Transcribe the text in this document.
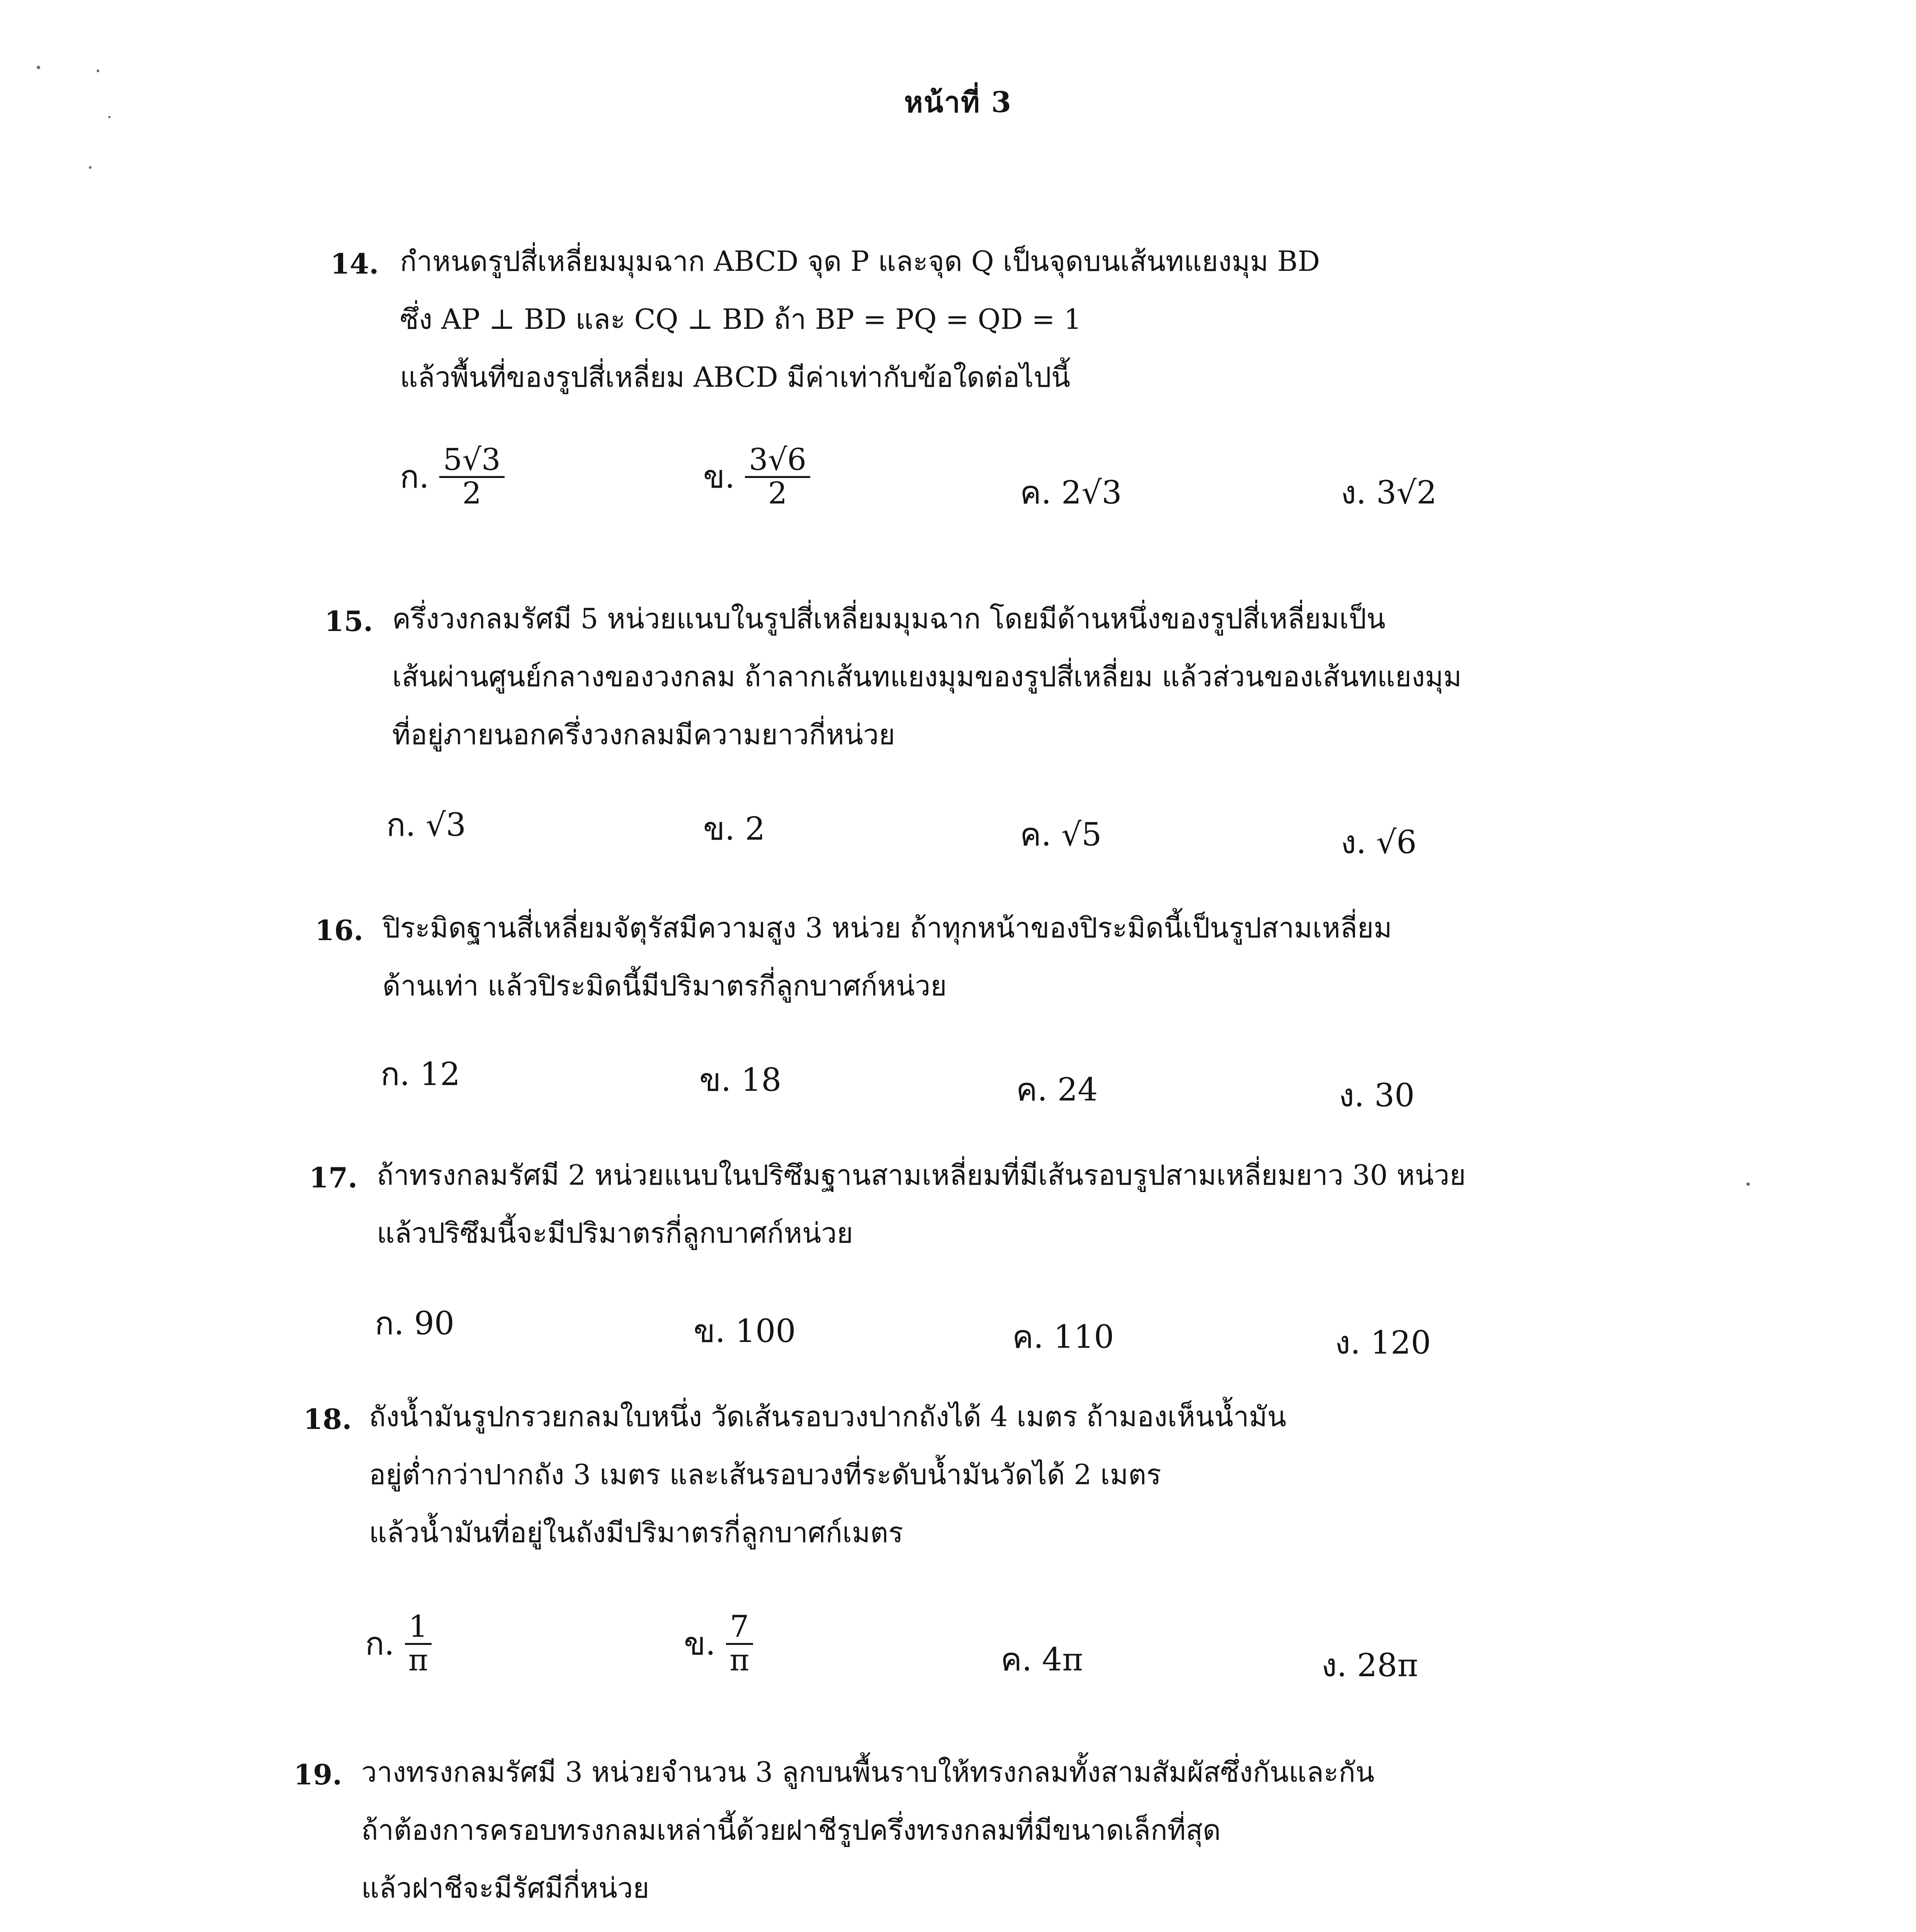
หน้าที่ 3
14. กำหนดรูปสี่เหลี่ยมมุมฉาก ABCD จุด P และจุด Q เป็นจุดบนเส้นทแยงมุม BD
ซึ่ง AP ⊥ BD และ CQ ⊥ BD ถ้า BP = PQ = QD = 1
แล้วพื้นที่ของรูปสี่เหลี่ยม ABCD มีค่าเท่ากับข้อใดต่อไปนี้
ก. $\frac{5√3}{2}$	ข. $\frac{3√6}{2}$	ค. 2√3	ง. 3√2
15. ครึ่งวงกลมรัศมี 5 หน่วยแนบในรูปสี่เหลี่ยมมุมฉาก โดยมีด้านหนึ่งของรูปสี่เหลี่ยมเป็น
เส้นผ่านศูนย์กลางของวงกลม ถ้าลากเส้นทแยงมุมของรูปสี่เหลี่ยม แล้วส่วนของเส้นทแยงมุม
ที่อยู่ภายนอกครึ่งวงกลมมีความยาวกี่หน่วย
ก. √3	ข. 2	ค. √5	ง. √6
16. ปิระมิดฐานสี่เหลี่ยมจัตุรัสมีความสูง 3 หน่วย ถ้าทุกหน้าของปิระมิดนี้เป็นรูปสามเหลี่ยม
ด้านเท่า แล้วปิระมิดนี้มีปริมาตรกี่ลูกบาศก์หน่วย
ก. 12	ข. 18	ค. 24	ง. 30
17. ถ้าทรงกลมรัศมี 2 หน่วยแนบในปริซึมฐานสามเหลี่ยมที่มีเส้นรอบรูปสามเหลี่ยมยาว 30 หน่วย
แล้วปริซึมนี้จะมีปริมาตรกี่ลูกบาศก์หน่วย
ก. 90	ข. 100	ค. 110	ง. 120
18. ถังน้ำมันรูปกรวยกลมใบหนึ่ง วัดเส้นรอบวงปากถังได้ 4 เมตร ถ้ามองเห็นน้ำมัน
อยู่ต่ำกว่าปากถัง 3 เมตร และเส้นรอบวงที่ระดับน้ำมันวัดได้ 2 เมตร
แล้วน้ำมันที่อยู่ในถังมีปริมาตรกี่ลูกบาศก์เมตร
ก. $\frac{1}{\pi}$	ข. $\frac{7}{\pi}$	ค. 4π	ง. 28π
19. วางทรงกลมรัศมี 3 หน่วยจำนวน 3 ลูกบนพื้นราบให้ทรงกลมทั้งสามสัมผัสซึ่งกันและกัน
ถ้าต้องการครอบทรงกลมเหล่านี้ด้วยฝาชีรูปครึ่งทรงกลมที่มีขนาดเล็กที่สุด
แล้วฝาชีจะมีรัศมีกี่หน่วย
